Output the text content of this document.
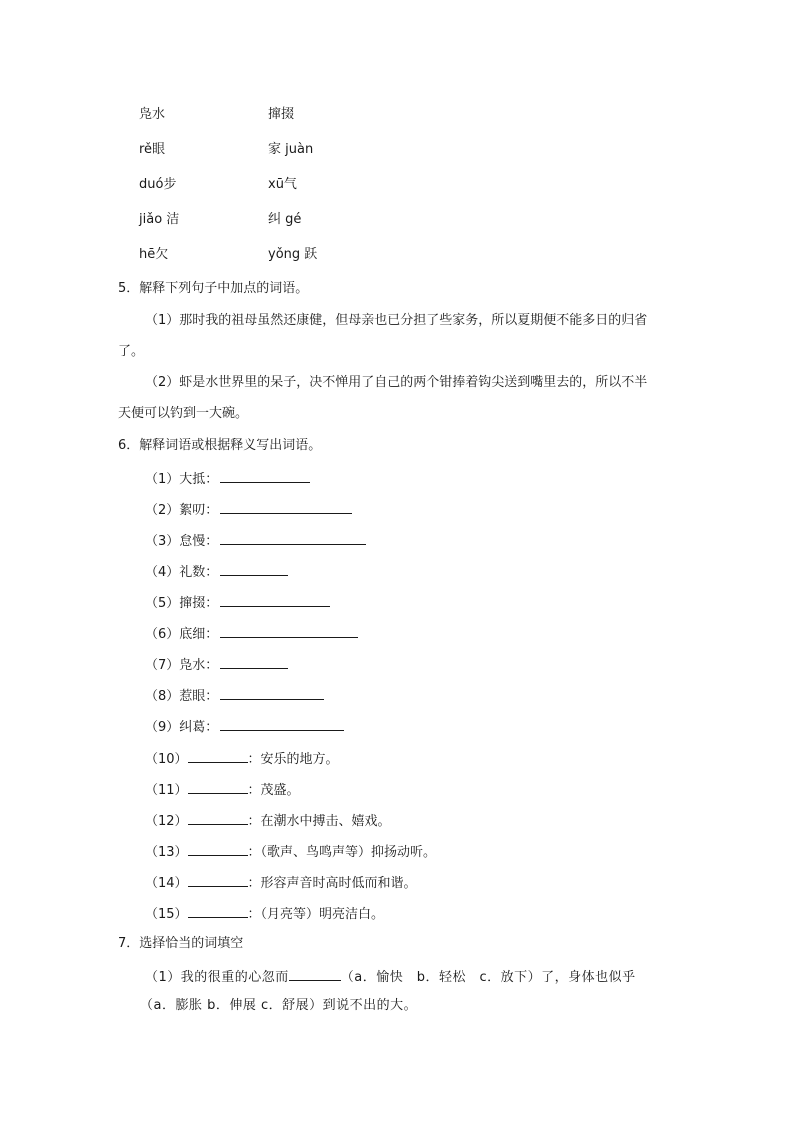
凫水	撺掇
rě眼	家 juàn
duó步	xū气
jiǎo 洁	纠 gé
hē欠	yǒng 跃
5．解释下列句子中加点的词语。
（1）那时我的祖母虽然还康健，但母亲也已分担了些家务，所以夏期便不能多日的归省
了。
（2）虾是水世界里的呆子，决不惮用了自己的两个钳捧着钩尖送到嘴里去的，所以不半
天便可以钓到一大碗。
6．解释词语或根据释义写出词语。
（1）大抵：
（2）絮叨：
（3）怠慢：
（4）礼数：
（5）撺掇：
（6）底细：
（7）凫水：
（8）惹眼：
（9）纠葛：
（10）	：安乐的地方。
（11）	：茂盛。
（12）	：在潮水中搏击、嬉戏。
（13）	：（歌声、鸟鸣声等）抑扬动听。
（14）	：形容声音时高时低而和谐。
（15）	：（月亮等）明亮洁白。
7．选择恰当的词填空
（1）我的很重的心忽而	（a．愉快　b．轻松　c．放下）了，身体也似乎
（a．膨胀 b．伸展 c．舒展）到说不出的大。
